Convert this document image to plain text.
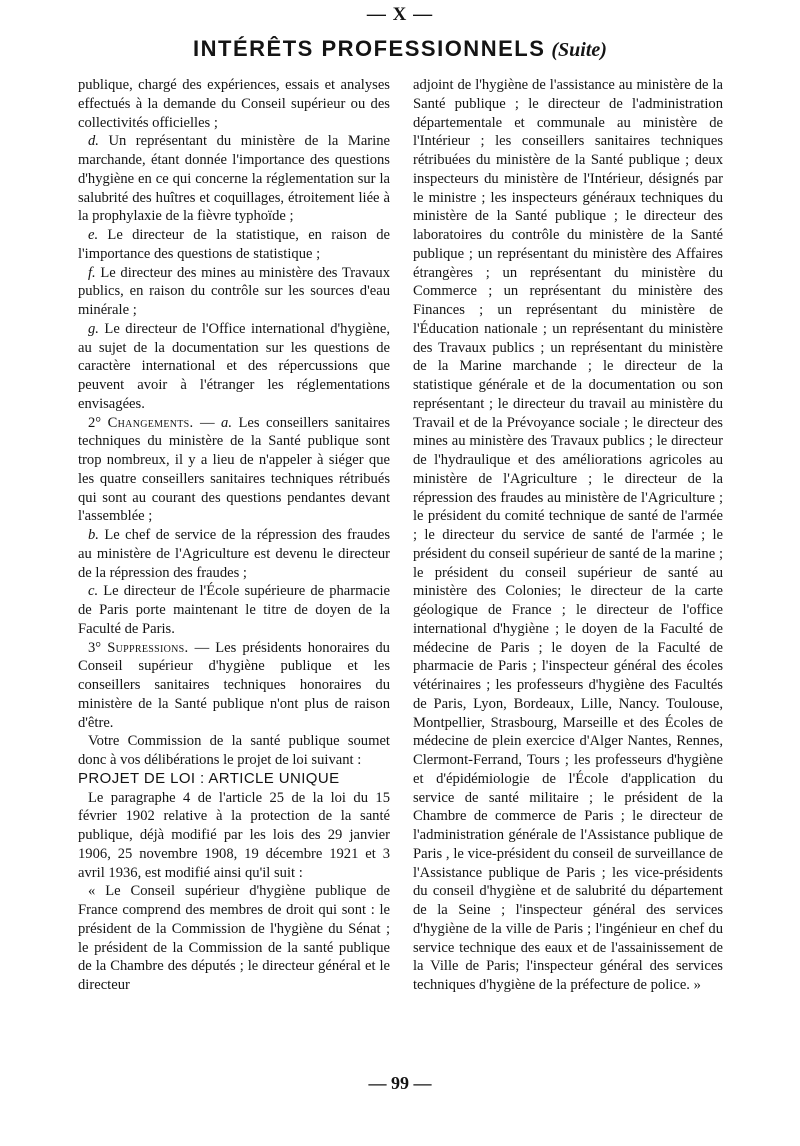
— X —
INTÉRÊTS PROFESSIONNELS (Suite)

publique, chargé des expériences, essais et analyses effectués à la demande du Conseil supérieur ou des collectivités officielles ;

d. Un représentant du ministère de la Marine marchande, étant donnée l'importance des questions d'hygiène en ce qui concerne la réglementation sur la salubrité des huîtres et coquillages, étroitement liée à la prophylaxie de la fièvre typhoïde ;

e. Le directeur de la statistique, en raison de l'importance des questions de statistique ;

f. Le directeur des mines au ministère des Travaux publics, en raison du contrôle sur les sources d'eau minérale ;

g. Le directeur de l'Office international d'hygiène, au sujet de la documentation sur les questions de caractère international et des répercussions que peuvent avoir à l'étranger les réglementations envisagées.

2° Changements. — a. Les conseillers sanitaires techniques du ministère de la Santé publique sont trop nombreux, il y a lieu de n'appeler à siéger que les quatre conseillers sanitaires techniques rétribués qui sont au courant des questions pendantes devant l'assemblée ;

b. Le chef de service de la répression des fraudes au ministère de l'Agriculture est devenu le directeur de la répression des fraudes ;

c. Le directeur de l'École supérieure de pharmacie de Paris porte maintenant le titre de doyen de la Faculté de Paris.

3° Suppressions. — Les présidents honoraires du Conseil supérieur d'hygiène publique et les conseillers sanitaires techniques honoraires du ministère de la Santé publique n'ont plus de raison d'être.

Votre Commission de la santé publique soumet donc à vos délibérations le projet de loi suivant :

PROJET DE LOI : ARTICLE UNIQUE

Le paragraphe 4 de l'article 25 de la loi du 15 février 1902 relative à la protection de la santé publique, déjà modifié par les lois des 29 janvier 1906, 25 novembre 1908, 19 décembre 1921 et 3 avril 1936, est modifié ainsi qu'il suit :

« Le Conseil supérieur d'hygiène publique de France comprend des membres de droit qui sont : le président de la Commission de l'hygiène du Sénat ; le président de la Commission de la santé publique de la Chambre des députés ; le directeur général et le directeur

adjoint de l'hygiène de l'assistance au ministère de la Santé publique ; le directeur de l'administration départementale et communale au ministère de l'Intérieur ; les conseillers sanitaires techniques rétribuées du ministère de la Santé publique ; deux inspecteurs du ministère de l'Intérieur, désignés par le ministre ; les inspecteurs généraux techniques du ministère de la Santé publique ; le directeur des laboratoires du contrôle du ministère de la Santé publique ; un représentant du ministère des Affaires étrangères ; un représentant du ministère du Commerce ; un représentant du ministère des Finances ; un représentant du ministère de l'Éducation nationale ; un représentant du ministère des Travaux publics ; un représentant du ministère de la Marine marchande ; le directeur de la statistique générale et de la documentation ou son représentant ; le directeur du travail au ministère du Travail et de la Prévoyance sociale ; le directeur des mines au ministère des Travaux publics ; le directeur de l'hydraulique et des améliorations agricoles au ministère de l'Agriculture ; le directeur de la répression des fraudes au ministère de l'Agriculture ; le président du comité technique de santé de l'armée ; le directeur du service de santé de l'armée ; le président du conseil supérieur de santé de la marine ; le président du conseil supérieur de santé au ministère des Colonies; le directeur de la carte géologique de France ; le directeur de l'office international d'hygiène ; le doyen de la Faculté de médecine de Paris ; le doyen de la Faculté de pharmacie de Paris ; l'inspecteur général des écoles vétérinaires ; les professeurs d'hygiène des Facultés de Paris, Lyon, Bordeaux, Lille, Nancy. Toulouse, Montpellier, Strasbourg, Marseille et des Écoles de médecine de plein exercice d'Alger Nantes, Rennes, Clermont-Ferrand, Tours ; les professeurs d'hygiène et d'épidémiologie de l'École d'application du service de santé militaire ; le président de la Chambre de commerce de Paris ; le directeur de l'administration générale de l'Assistance publique de Paris , le vice-président du conseil de surveillance de l'Assistance publique de Paris ; les vice-présidents du conseil d'hygiène et de salubrité du département de la Seine ; l'inspecteur général des services d'hygiène de la ville de Paris ; l'ingénieur en chef du service technique des eaux et de l'assainissement de la Ville de Paris; l'inspecteur général des services techniques d'hygiène de la préfecture de police. »

— 99 —
